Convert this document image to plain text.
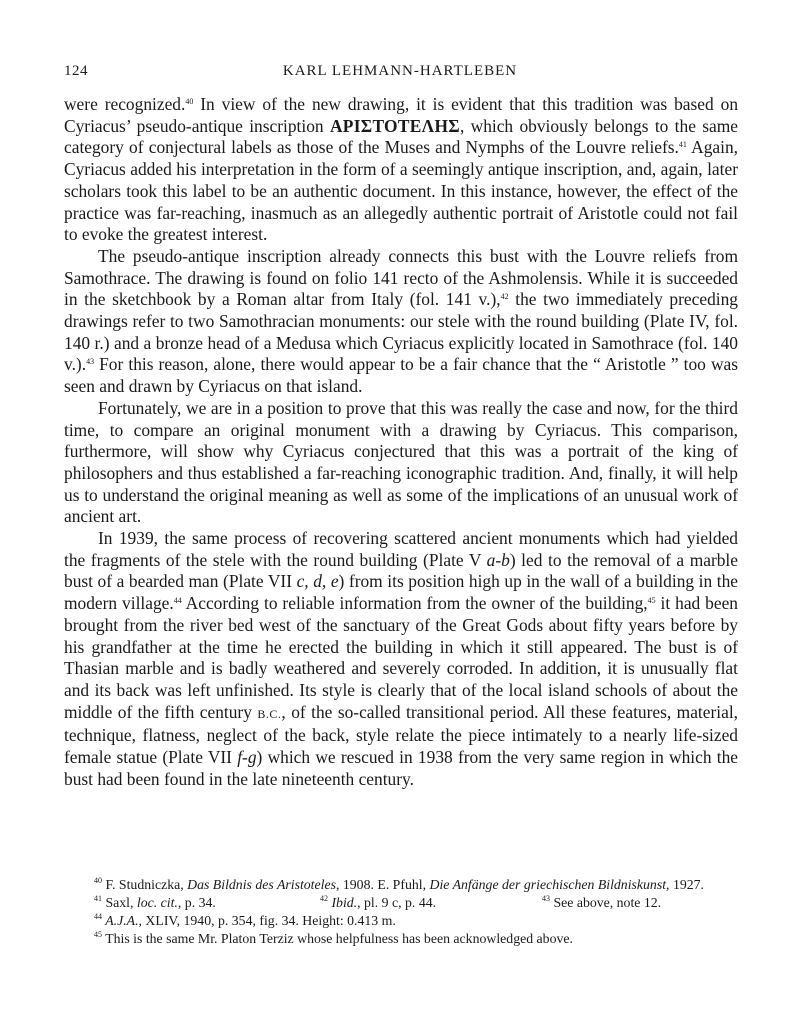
124	KARL LEHMANN-HARTLEBEN

were recognized.$^{40}$ In view of the new drawing, it is evident that this tradition was based on Cyriacus’ pseudo-antique inscription ΑΡΙΣΤΟΤΕΛΗΣ, which obviously belongs to the same category of conjectural labels as those of the Muses and Nymphs of the Louvre reliefs.$^{41}$ Again, Cyriacus added his interpretation in the form of a seemingly antique inscription, and, again, later scholars took this label to be an authentic document. In this instance, however, the effect of the practice was far-reaching, inasmuch as an allegedly authentic portrait of Aristotle could not fail to evoke the greatest interest.

The pseudo-antique inscription already connects this bust with the Louvre reliefs from Samothrace. The drawing is found on folio 141 recto of the Ashmolensis. While it is succeeded in the sketchbook by a Roman altar from Italy (fol. 141 v.),$^{42}$ the two immediately preceding drawings refer to two Samothracian monuments: our stele with the round building (Plate IV, fol. 140 r.) and a bronze head of a Medusa which Cyriacus explicitly located in Samothrace (fol. 140 v.).$^{43}$ For this reason, alone, there would appear to be a fair chance that the “ Aristotle ” too was seen and drawn by Cyriacus on that island.

Fortunately, we are in a position to prove that this was really the case and now, for the third time, to compare an original monument with a drawing by Cyriacus. This comparison, furthermore, will show why Cyriacus conjectured that this was a portrait of the king of philosophers and thus established a far-reaching iconographic tradition. And, finally, it will help us to understand the original meaning as well as some of the implications of an unusual work of ancient art.

In 1939, the same process of recovering scattered ancient monuments which had yielded the fragments of the stele with the round building (Plate V a-b) led to the removal of a marble bust of a bearded man (Plate VII c, d, e) from its position high up in the wall of a building in the modern village.$^{44}$ According to reliable information from the owner of the building,$^{45}$ it had been brought from the river bed west of the sanctuary of the Great Gods about fifty years before by his grandfather at the time he erected the building in which it still appeared. The bust is of Thasian marble and is badly weathered and severely corroded. In addition, it is unusually flat and its back was left unfinished. Its style is clearly that of the local island schools of about the middle of the fifth century B.C., of the so-called transitional period. All these features, material, technique, flatness, neglect of the back, style relate the piece intimately to a nearly life-sized female statue (Plate VII f-g) which we rescued in 1938 from the very same region in which the bust had been found in the late nineteenth century.

$^{40}$ F. Studniczka, Das Bildnis des Aristoteles, 1908. E. Pfuhl, Die Anfänge der griechischen Bildniskunst, 1927.

$^{41}$ Saxl, loc. cit., p. 34.	$^{42}$ Ibid., pl. 9 c, p. 44.	$^{43}$ See above, note 12.

$^{44}$ A.J.A., XLIV, 1940, p. 354, fig. 34. Height: 0.413 m.

$^{45}$ This is the same Mr. Platon Terziz whose helpfulness has been acknowledged above.
